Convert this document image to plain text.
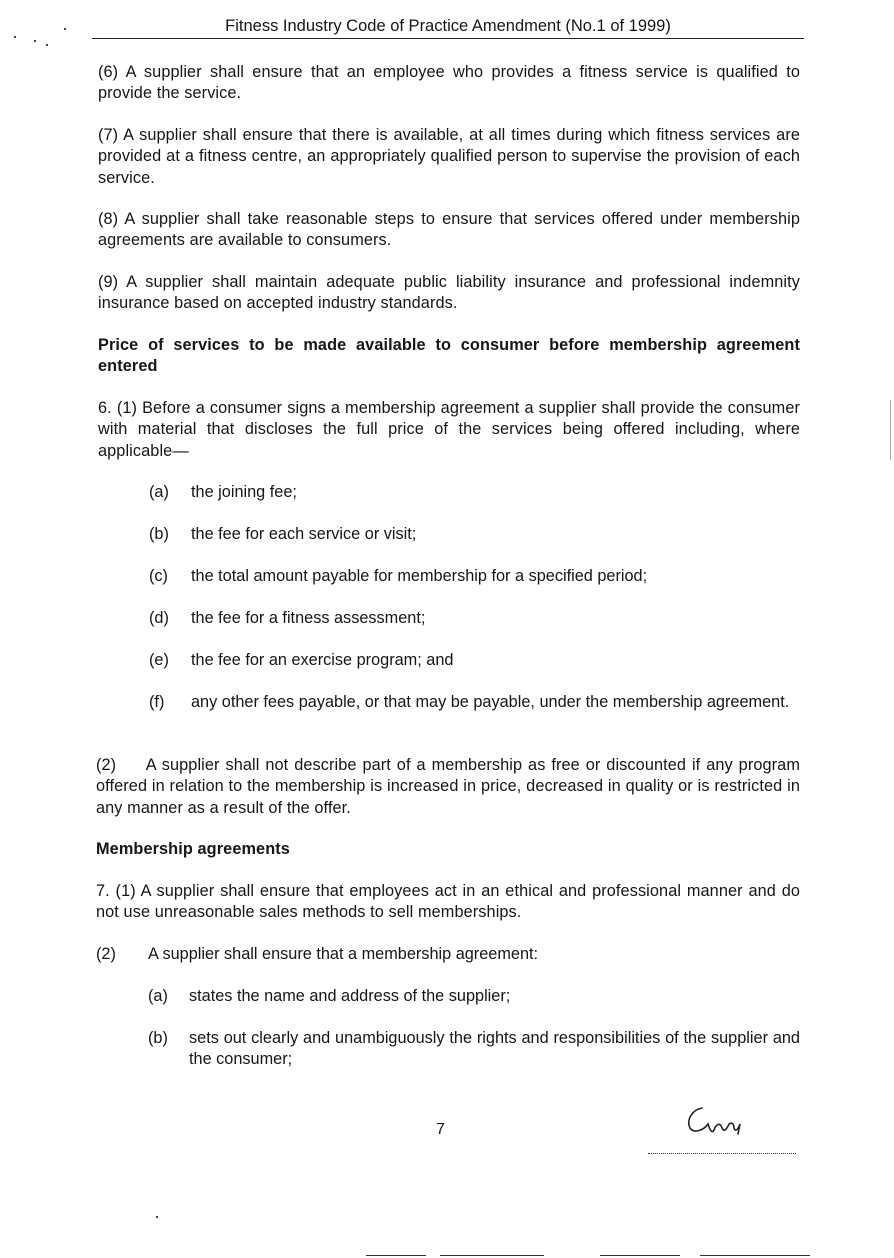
Fitness Industry Code of Practice Amendment (No.1 of 1999)

(6) A supplier shall ensure that an employee who provides a fitness service is qualified to provide the service.

(7) A supplier shall ensure that there is available, at all times during which fitness services are provided at a fitness centre, an appropriately qualified person to supervise the provision of each service.

(8) A supplier shall take reasonable steps to ensure that services offered under membership agreements are available to consumers.

(9) A supplier shall maintain adequate public liability insurance and professional indemnity insurance based on accepted industry standards.

Price of services to be made available to consumer before membership agreement entered

6. (1) Before a consumer signs a membership agreement a supplier shall provide the consumer with material that discloses the full price of the services being offered including, where applicable—

(a) the joining fee;
(b) the fee for each service or visit;
(c) the total amount payable for membership for a specified period;
(d) the fee for a fitness assessment;
(e) the fee for an exercise program; and
(f) any other fees payable, or that may be payable, under the membership agreement.

(2) A supplier shall not describe part of a membership as free or discounted if any program offered in relation to the membership is increased in price, decreased in quality or is restricted in any manner as a result of the offer.

Membership agreements

7. (1) A supplier shall ensure that employees act in an ethical and professional manner and do not use unreasonable sales methods to sell memberships.

(2) A supplier shall ensure that a membership agreement:
(a) states the name and address of the supplier;
(b) sets out clearly and unambiguously the rights and responsibilities of the supplier and the consumer;
7
